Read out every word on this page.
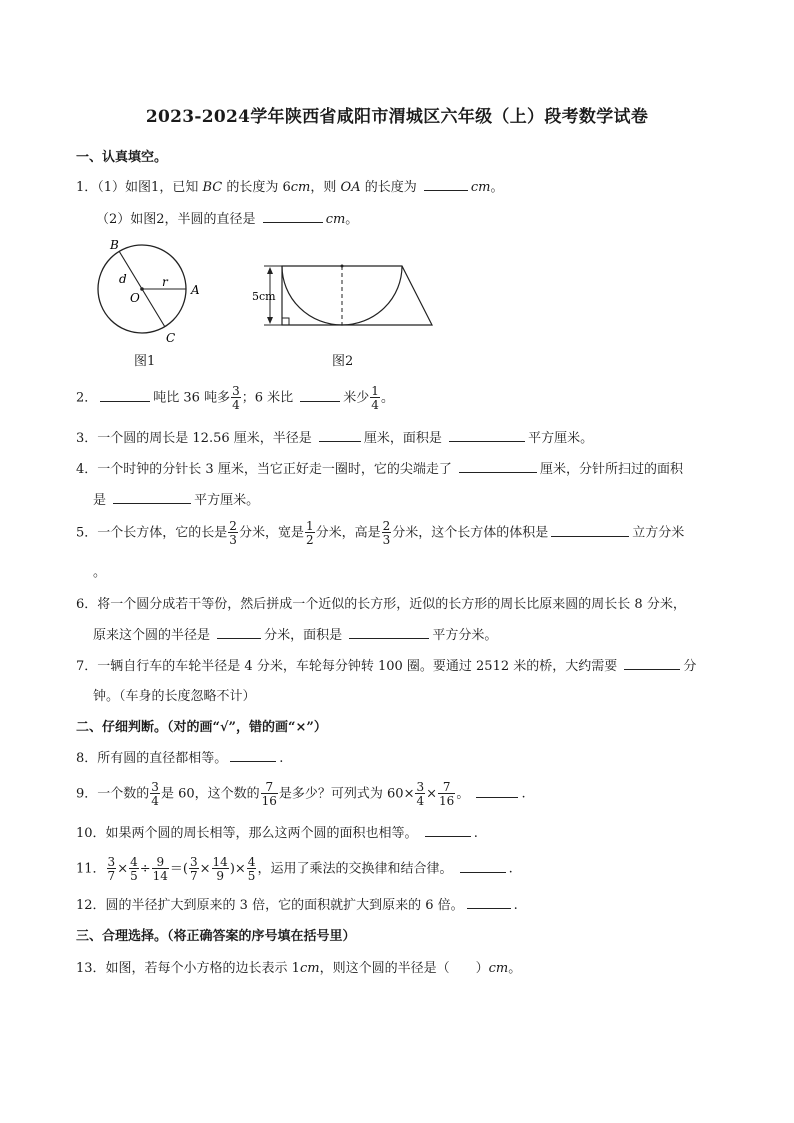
2023-2024学年陕西省咸阳市渭城区六年级（上）段考数学试卷
一、认真填空。
1．（1）如图1，已知 BC 的长度为 6cm，则 OA 的长度为	cm。
（2）如图2，半圆的直径是	cm。
B
d
O
r
A
C
图1
5cm
图2
2．	吨比 36 吨多 $\frac{3}{4}$ ；6 米比	米少 $\frac{1}{4}$ 。
3．一个圆的周长是 12.56 厘米，半径是	厘米，面积是	平方厘米。
4．一个时钟的分针长 3 厘米，当它正好走一圈时，它的尖端走了	厘米，分针所扫过的面积
是	平方厘米。
5．一个长方体，它的长是 $\frac{2}{3}$ 分米，宽是 $\frac{1}{2}$ 分米，高是 $\frac{2}{3}$ 分米，这个长方体的体积是	立方分米
。
6．将一个圆分成若干等份，然后拼成一个近似的长方形，近似的长方形的周长比原来圆的周长长 8 分米，
原来这个圆的半径是	分米，面积是	平方分米。
7．一辆自行车的车轮半径是 4 分米，车轮每分钟转 100 圈。要通过 2512 米的桥，大约需要	分
钟。（车身的长度忽略不计）
二、仔细判断。（对的画“√”，错的画“×”）
8．所有圆的直径都相等。	.
9．一个数的 $\frac{3}{4}$ 是 60，这个数的 $\frac{7}{16}$ 是多少？可列式为 $60\times \frac{3}{4} \times \frac{7}{16}$ 。	.
10．如果两个圆的周长相等，那么这两个圆的面积也相等。	.
11． $\frac{3}{7} \times \frac{4}{5} \div \frac{9}{14}$ ＝( $\frac{3}{7} \times \frac{14}{9}$ )× $\frac{4}{5}$ ，运用了乘法的交换律和结合律。	.
12．圆的半径扩大到原来的 3 倍，它的面积就扩大到原来的 6 倍。	.
三、合理选择。（将正确答案的序号填在括号里）
13．如图，若每个小方格的边长表示 1cm，则这个圆的半径是（　　）cm。
